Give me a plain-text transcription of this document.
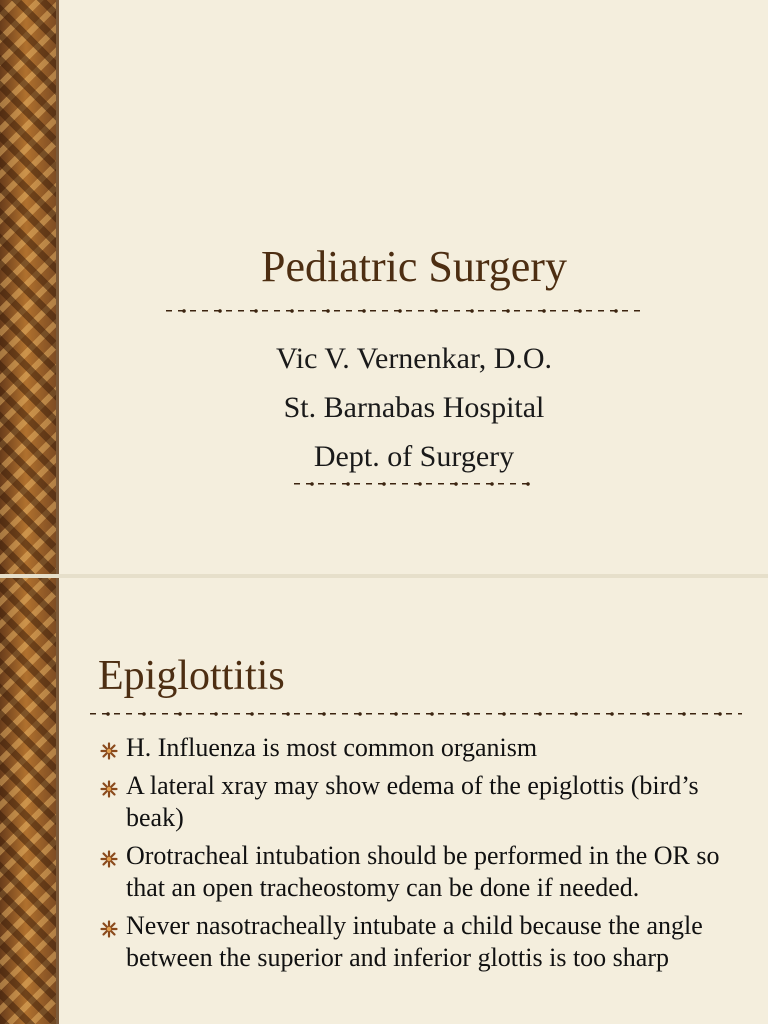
Pediatric Surgery
Vic V. Vernenkar, D.O.
St. Barnabas Hospital
Dept. of Surgery
Epiglottitis
H. Influenza is most common organism
A lateral xray may show edema of the epiglottis (bird’s beak)
Orotracheal intubation should be performed in the OR so that an open tracheostomy can be done if needed.
Never nasotracheally intubate a child because the angle between the superior and inferior glottis is too sharp
